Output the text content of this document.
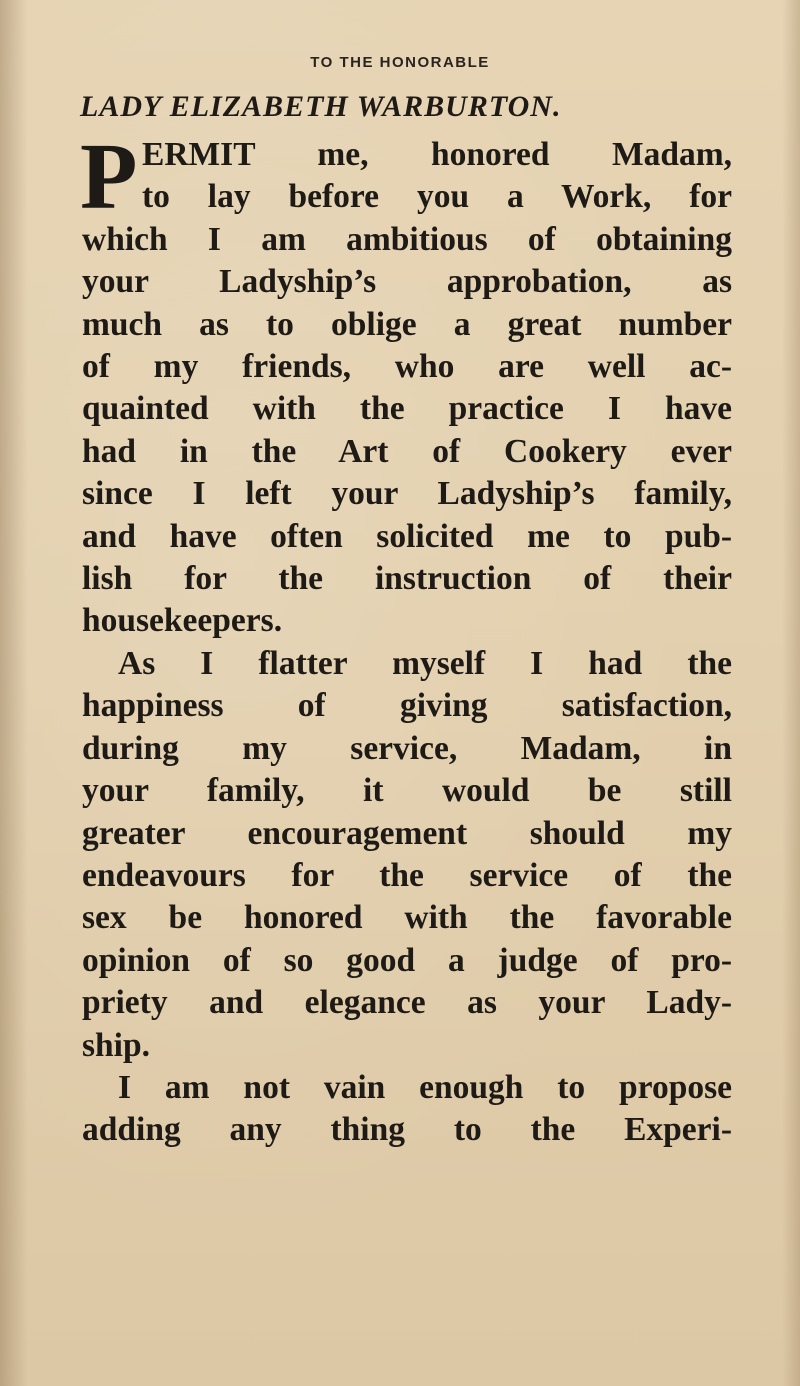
TO THE HONORABLE
LADY ELIZABETH WARBURTON.
P ERMIT me, honored Madam,
to lay before you a Work, for
which I am ambitious of obtaining
your Ladyship’s approbation, as
much as to oblige a great number
of my friends, who are well ac-
quainted with the practice I have
had in the Art of Cookery ever
since I left your Ladyship’s family,
and have often solicited me to pub-
lish for the instruction of their
housekeepers.
As I flatter myself I had the
happiness of giving satisfaction,
during my service, Madam, in
your family, it would be still
greater encouragement should my
endeavours for the service of the
sex be honored with the favorable
opinion of so good a judge of pro-
priety and elegance as your Lady-
ship.
I am not vain enough to propose
adding any thing to the Experi-
